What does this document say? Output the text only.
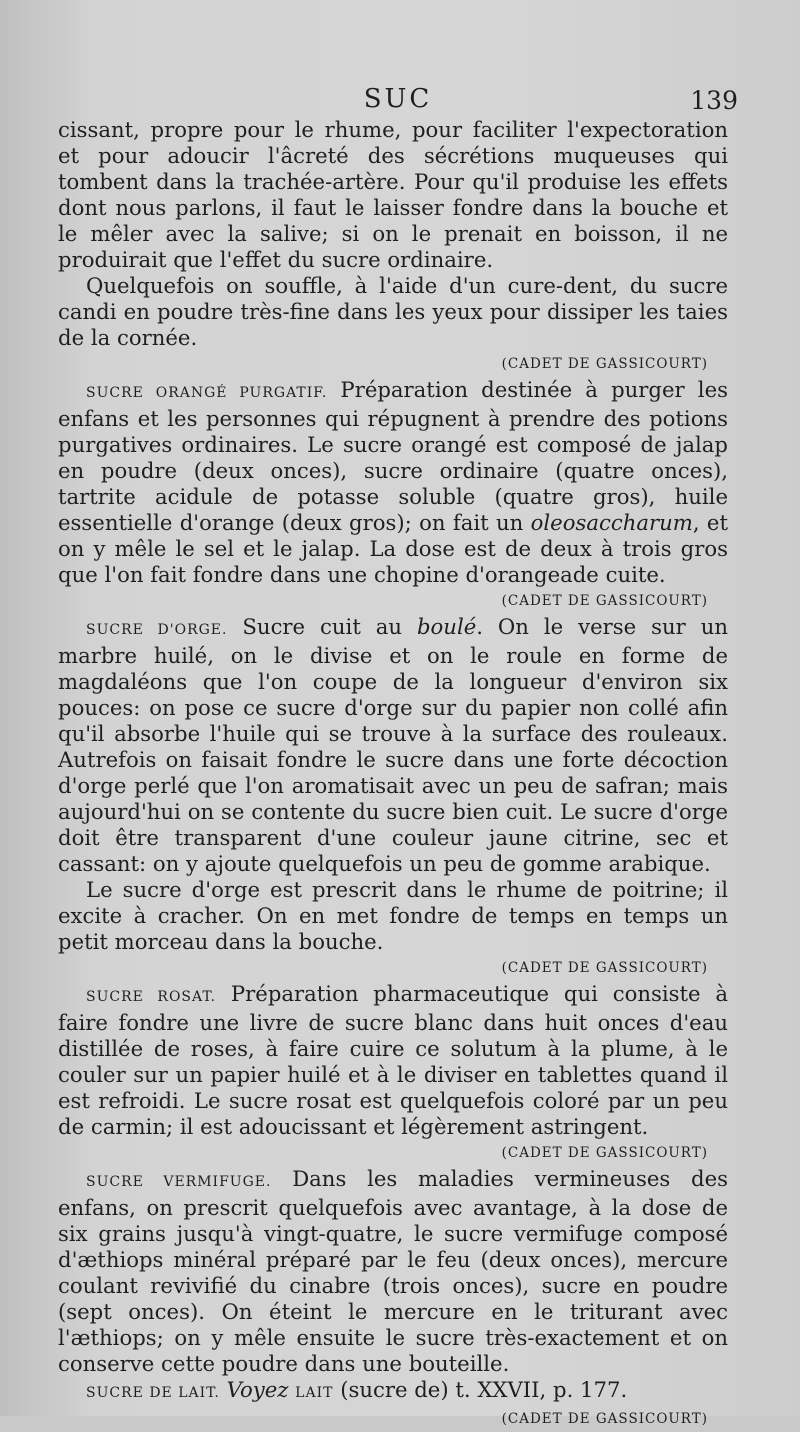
SUC	139

cissant, propre pour le rhume, pour faciliter l'expectoration et pour adoucir l'âcreté des sécrétions muqueuses qui tombent dans la trachée-artère. Pour qu'il produise les effets dont nous parlons, il faut le laisser fondre dans la bouche et le mêler avec la salive; si on le prenait en boisson, il ne produirait que l'effet du sucre ordinaire.

Quelquefois on souffle, à l'aide d'un cure-dent, du sucre candi en poudre très-fine dans les yeux pour dissiper les taies de la cornée.
(CADET DE GASSICOURT)

SUCRE ORANGÉ PURGATIF. Préparation destinée à purger les enfans et les personnes qui répugnent à prendre des potions purgatives ordinaires. Le sucre orangé est composé de jalap en poudre (deux onces), sucre ordinaire (quatre onces), tartrite acidule de potasse soluble (quatre gros), huile essentielle d'orange (deux gros); on fait un oleosaccharum, et on y mêle le sel et le jalap. La dose est de deux à trois gros que l'on fait fondre dans une chopine d'orangeade cuite.
(CADET DE GASSICOURT)

SUCRE D'ORGE. Sucre cuit au boulé. On le verse sur un marbre huilé, on le divise et on le roule en forme de magdaléons que l'on coupe de la longueur d'environ six pouces: on pose ce sucre d'orge sur du papier non collé afin qu'il absorbe l'huile qui se trouve à la surface des rouleaux. Autrefois on faisait fondre le sucre dans une forte décoction d'orge perlé que l'on aromatisait avec un peu de safran; mais aujourd'hui on se contente du sucre bien cuit. Le sucre d'orge doit être transparent d'une couleur jaune citrine, sec et cassant: on y ajoute quelquefois un peu de gomme arabique.

Le sucre d'orge est prescrit dans le rhume de poitrine; il excite à cracher. On en met fondre de temps en temps un petit morceau dans la bouche.
(CADET DE GASSICOURT)

SUCRE ROSAT. Préparation pharmaceutique qui consiste à faire fondre une livre de sucre blanc dans huit onces d'eau distillée de roses, à faire cuire ce solutum à la plume, à le couler sur un papier huilé et à le diviser en tablettes quand il est refroidi. Le sucre rosat est quelquefois coloré par un peu de carmin; il est adoucissant et légèrement astringent.
(CADET DE GASSICOURT)

SUCRE VERMIFUGE. Dans les maladies vermineuses des enfans, on prescrit quelquefois avec avantage, à la dose de six grains jusqu'à vingt-quatre, le sucre vermifuge composé d'æthiops minéral préparé par le feu (deux onces), mercure coulant revivifié du cinabre (trois onces), sucre en poudre (sept onces). On éteint le mercure en le triturant avec l'æthiops; on y mêle ensuite le sucre très-exactement et on conserve cette poudre dans une bouteille.

SUCRE DE LAIT. Voyez LAIT (sucre de) t. XXVII, p. 177.
(CADET DE GASSICOURT)
